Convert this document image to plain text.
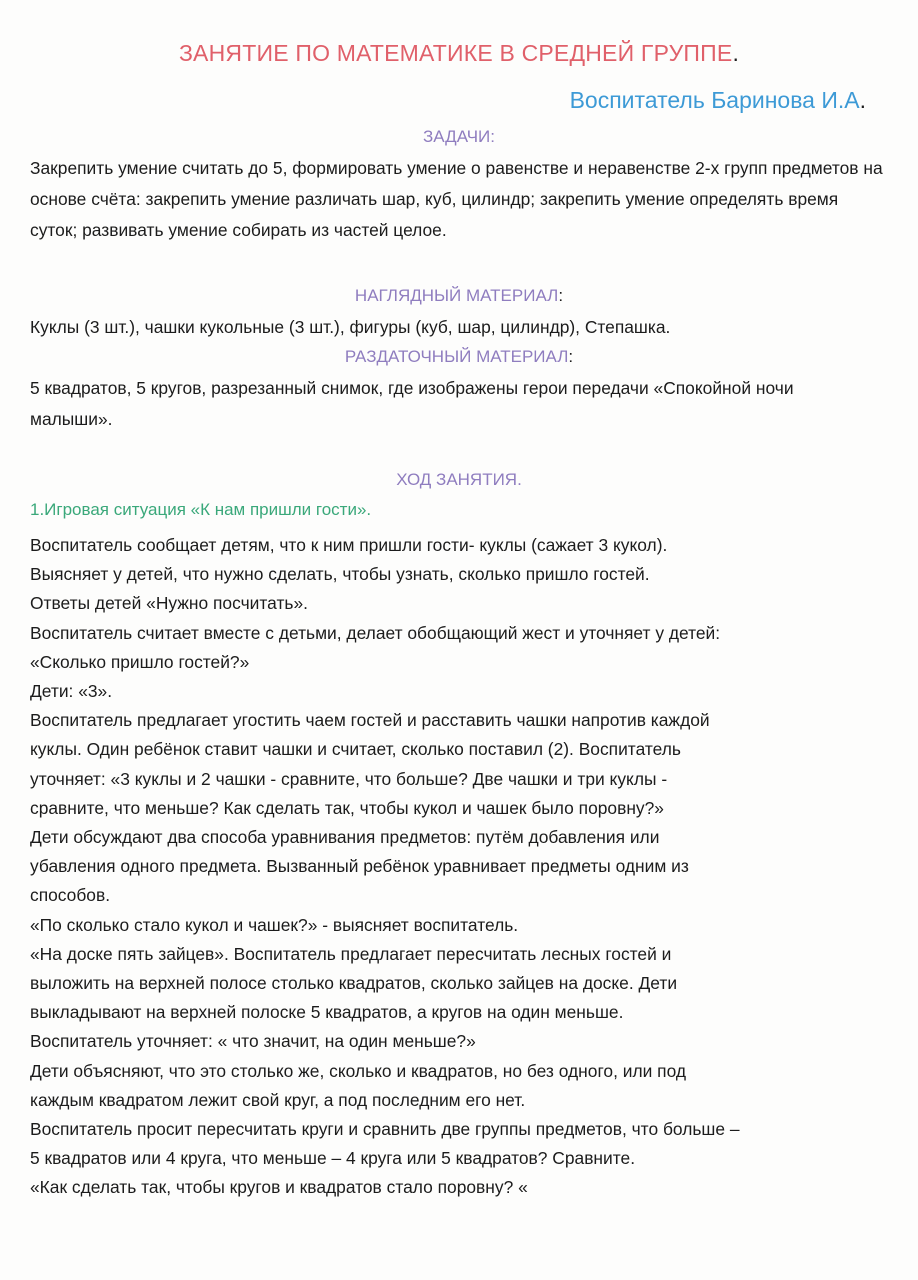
ЗАНЯТИЕ ПО МАТЕМАТИКЕ В СРЕДНЕЙ ГРУППЕ.
Воспитатель Баринова И.А.
ЗАДАЧИ:

Закрепить умение считать до 5, формировать умение о равенстве и неравенстве 2-х групп предметов на основе счёта: закрепить умение различать шар, куб, цилиндр; закрепить умение определять время суток; развивать умение собирать из частей целое.

НАГЛЯДНЫЙ МАТЕРИАЛ:

Куклы (3 шт.), чашки кукольные (3 шт.), фигуры (куб, шар, цилиндр), Степашка.

РАЗДАТОЧНЫЙ МАТЕРИАЛ:

5 квадратов, 5 кругов, разрезанный снимок, где изображены герои передачи «Спокойной ночи малыши».

ХОД ЗАНЯТИЯ.
1.Игровая ситуация «К нам пришли гости».
Воспитатель сообщает детям, что к ним пришли гости- куклы (сажает 3 кукол).
Выясняет у детей, что нужно сделать, чтобы узнать, сколько пришло гостей.
Ответы детей «Нужно посчитать».
Воспитатель считает вместе с детьми, делает обобщающий жест и уточняет у детей:
«Сколько пришло гостей?»
Дети: «3».
Воспитатель предлагает угостить чаем гостей и расставить чашки напротив каждой
куклы. Один ребёнок ставит чашки и считает, сколько поставил (2). Воспитатель
уточняет: «3 куклы и 2 чашки - сравните, что больше? Две чашки и три куклы -
сравните, что меньше? Как сделать так, чтобы кукол и чашек было поровну?»
Дети обсуждают два способа уравнивания предметов: путём добавления или
убавления одного предмета. Вызванный ребёнок уравнивает предметы одним из
способов.
«По сколько стало кукол и чашек?» - выясняет воспитатель.
«На доске пять зайцев». Воспитатель предлагает пересчитать лесных гостей и
выложить на верхней полосе столько квадратов, сколько зайцев на доске. Дети
выкладывают на верхней полоске 5 квадратов, а кругов на один меньше.
Воспитатель уточняет: « что значит, на один меньше?»
Дети объясняют, что это столько же, сколько и квадратов, но без одного, или под
каждым квадратом лежит свой круг, а под последним его нет.
Воспитатель просит пересчитать круги и сравнить две группы предметов, что больше –
5 квадратов или 4 круга, что меньше – 4 круга или 5 квадратов? Сравните.
«Как сделать так, чтобы кругов и квадратов стало поровну? «
